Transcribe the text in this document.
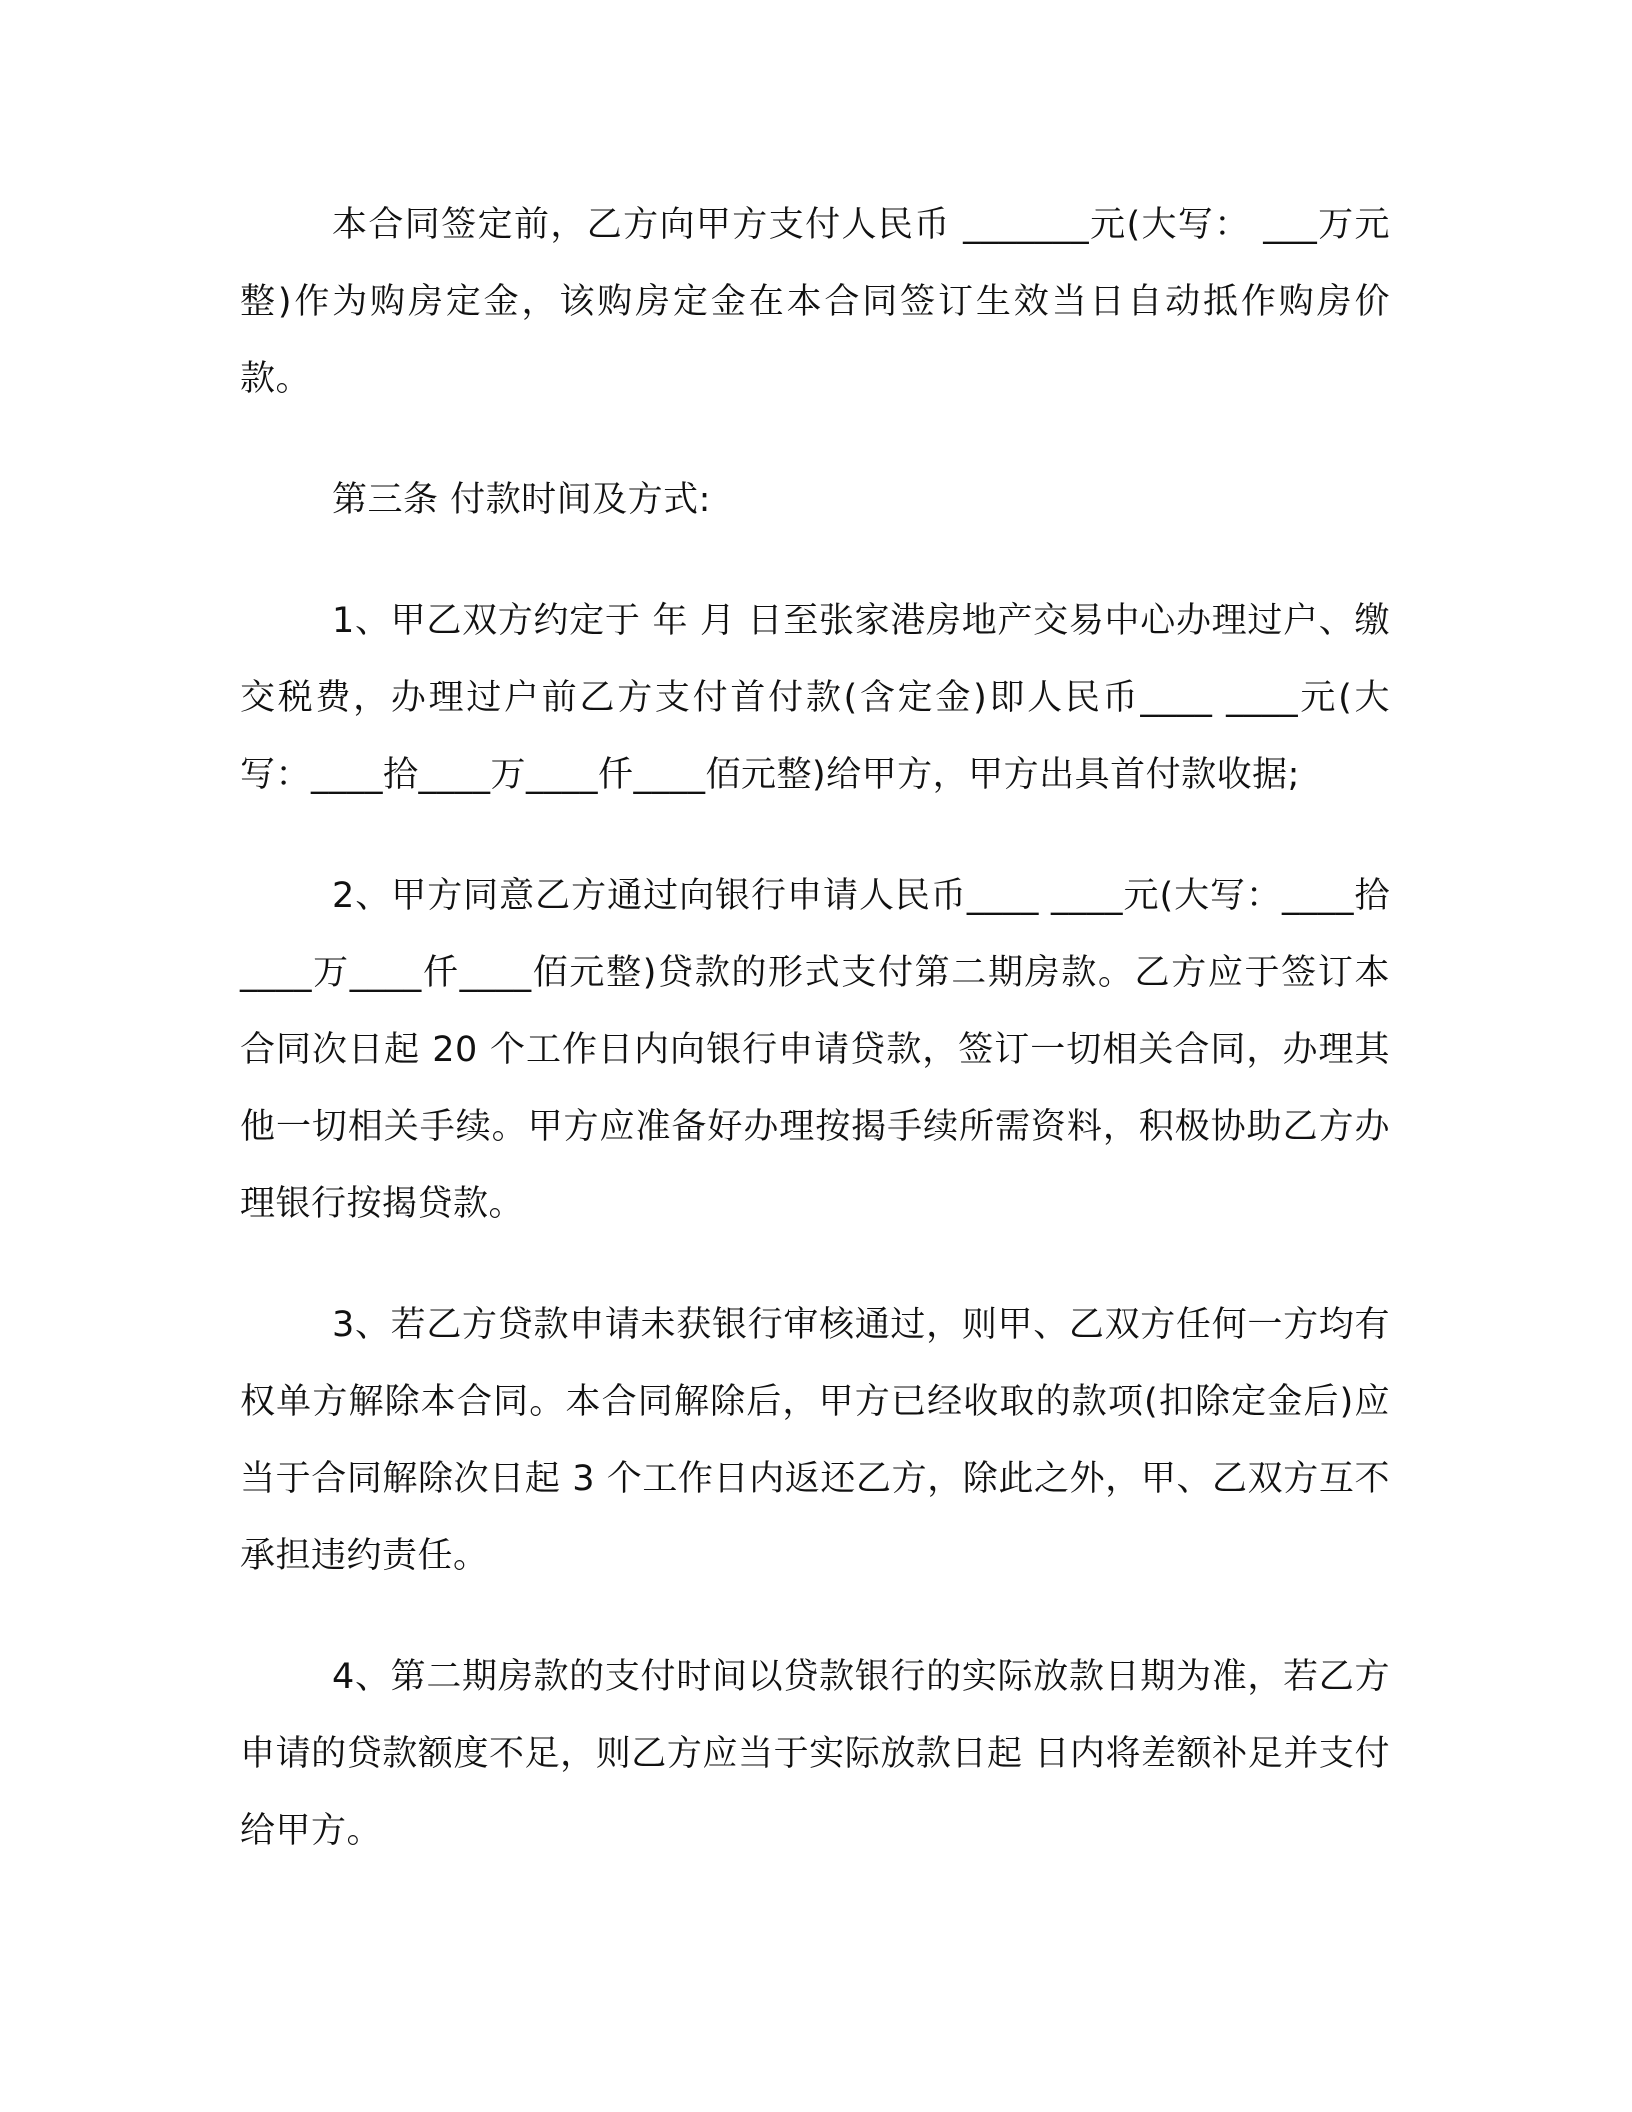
本合同签定前，乙方向甲方支付人民币 _______元(大写： ___万元整)作为购房定金，该购房定金在本合同签订生效当日自动抵作购房价款。

第三条 付款时间及方式:

1、甲乙双方约定于 年 月 日至张家港房地产交易中心办理过户、缴交税费，办理过户前乙方支付首付款(含定金)即人民币____ ____元(大写：____拾____万____仟____佰元整)给甲方，甲方出具首付款收据;

2、甲方同意乙方通过向银行申请人民币____ ____元(大写：____拾____万____仟____佰元整)贷款的形式支付第二期房款。乙方应于签订本合同次日起 20 个工作日内向银行申请贷款，签订一切相关合同，办理其他一切相关手续。甲方应准备好办理按揭手续所需资料，积极协助乙方办理银行按揭贷款。

3、若乙方贷款申请未获银行审核通过，则甲、乙双方任何一方均有权单方解除本合同。本合同解除后，甲方已经收取的款项(扣除定金后)应当于合同解除次日起 3 个工作日内返还乙方，除此之外，甲、乙双方互不承担违约责任。

4、第二期房款的支付时间以贷款银行的实际放款日期为准，若乙方申请的贷款额度不足，则乙方应当于实际放款日起 日内将差额补足并支付给甲方。
